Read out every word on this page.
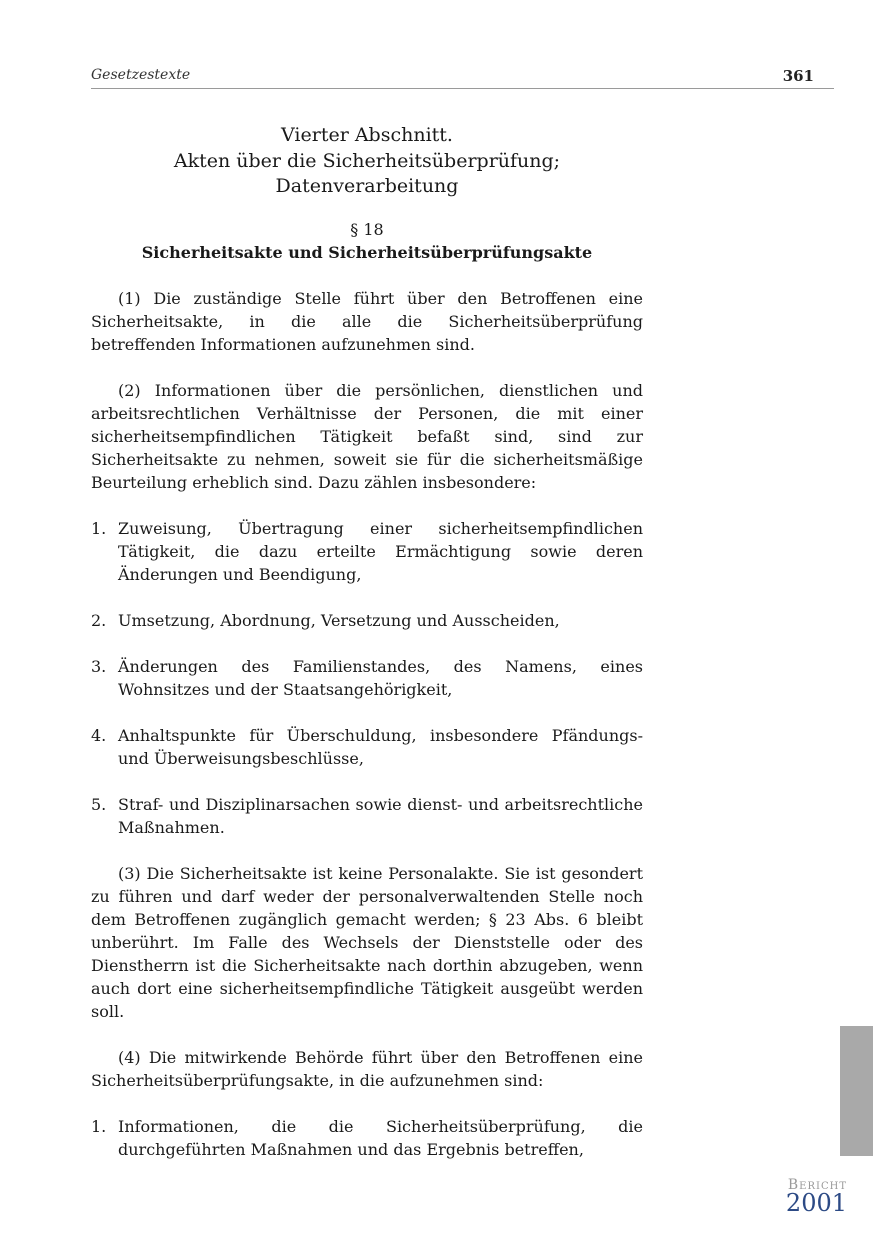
Gesetzestexte	361
Vierter Abschnitt.
Akten über die Sicherheitsüberprüfung;
Datenverarbeitung
§ 18
Sicherheitsakte und Sicherheitsüberprüfungsakte

(1) Die zuständige Stelle führt über den Betroffenen eine Sicherheitsakte, in die alle die Sicherheitsüberprüfung betreffenden Informationen aufzunehmen sind.

(2) Informationen über die persönlichen, dienstlichen und arbeitsrechtlichen Verhältnisse der Personen, die mit einer sicherheitsempfindlichen Tätigkeit befaßt sind, sind zur Sicherheitsakte zu nehmen, soweit sie für die sicherheitsmäßige Beurteilung erheblich sind. Dazu zählen insbesondere:

1. Zuweisung, Übertragung einer sicherheitsempfindlichen Tätigkeit, die dazu erteilte Ermächtigung sowie deren Änderungen und Beendigung,
2. Umsetzung, Abordnung, Versetzung und Ausscheiden,
3. Änderungen des Familienstandes, des Namens, eines Wohnsitzes und der Staatsangehörigkeit,
4. Anhaltspunkte für Überschuldung, insbesondere Pfändungs- und Überweisungsbeschlüsse,
5. Straf- und Disziplinarsachen sowie dienst- und arbeitsrechtliche Maßnahmen.

(3) Die Sicherheitsakte ist keine Personalakte. Sie ist gesondert zu führen und darf weder der personalverwaltenden Stelle noch dem Betroffenen zugänglich gemacht werden; § 23 Abs. 6 bleibt unberührt. Im Falle des Wechsels der Dienststelle oder des Dienstherrn ist die Sicherheitsakte nach dorthin abzugeben, wenn auch dort eine sicherheitsempfindliche Tätigkeit ausgeübt werden soll.

(4) Die mitwirkende Behörde führt über den Betroffenen eine Sicherheitsüberprüfungsakte, in die aufzunehmen sind:

1. Informationen, die die Sicherheitsüberprüfung, die durchgeführten Maßnahmen und das Ergebnis betreffen,
Bericht
2001
